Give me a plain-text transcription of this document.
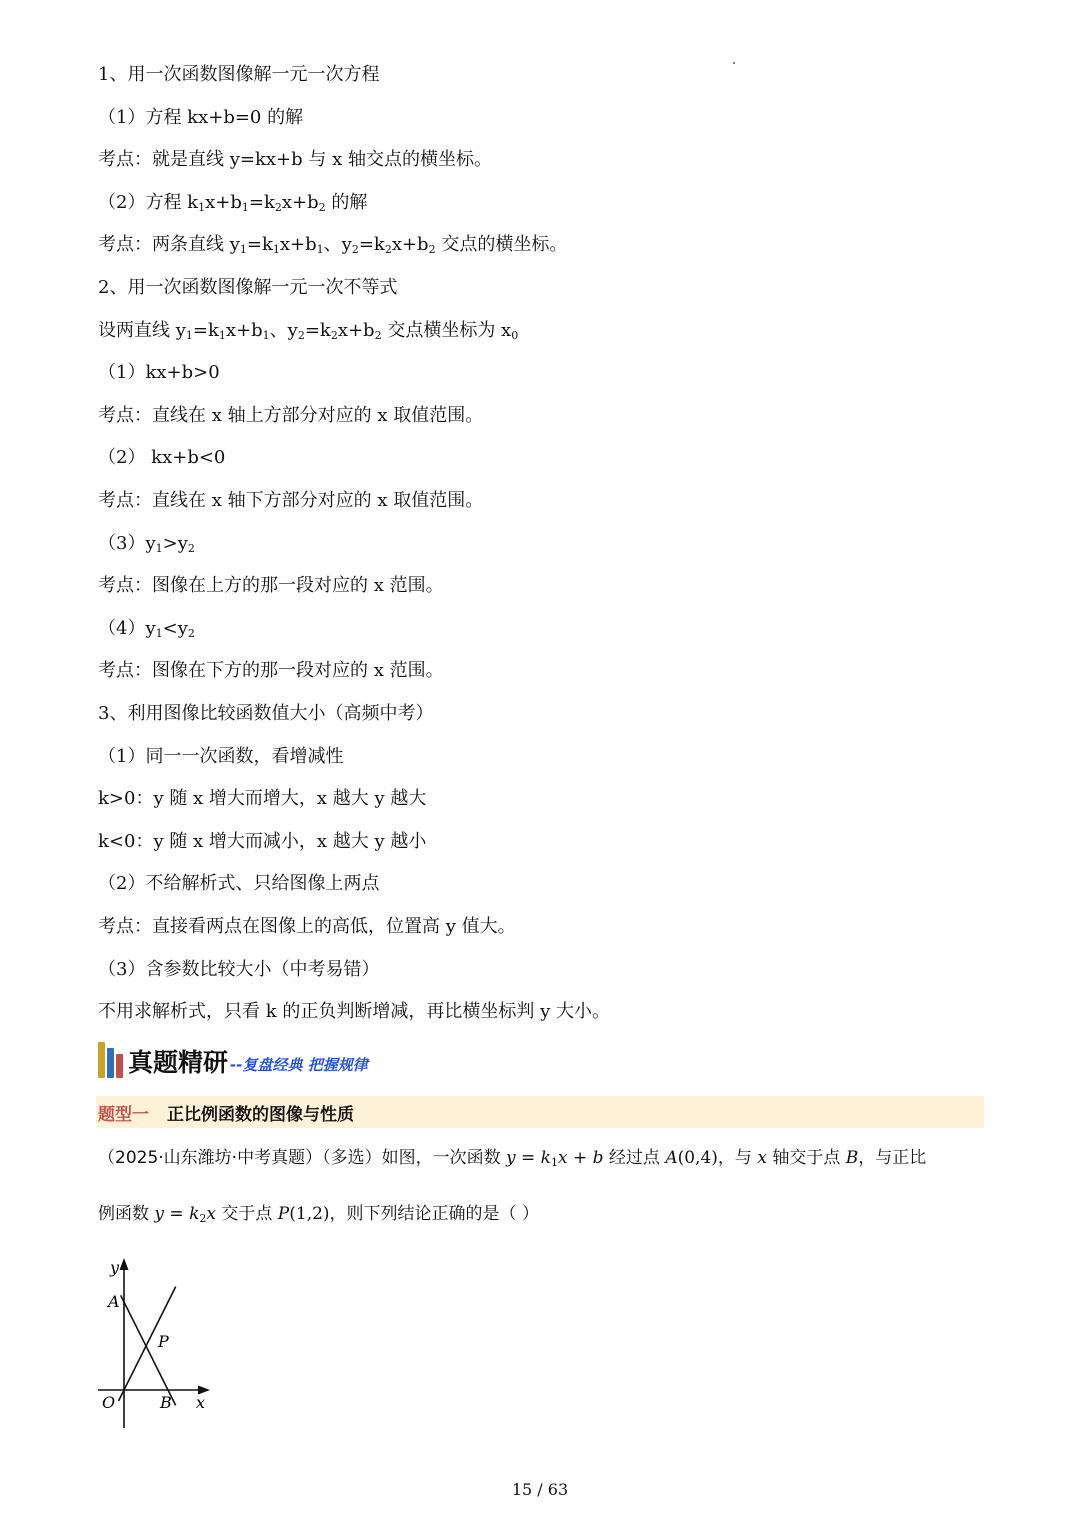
1、用一次函数图像解一元一次方程
（1）方程 kx+b=0 的解
考点：就是直线 y=kx+b 与 x 轴交点的横坐标。
（2）方程 $k_1x+b_1=k_2x+b_2$ 的解
考点：两条直线 $y_1=k_1x+b_1$、$y_2=k_2x+b_2$ 交点的横坐标。
2、用一次函数图像解一元一次不等式
设两直线 $y_1=k_1x+b_1$、$y_2=k_2x+b_2$ 交点横坐标为 $x_0$
（1）kx+b>0
考点：直线在 x 轴上方部分对应的 x 取值范围。
（2） kx+b<0
考点：直线在 x 轴下方部分对应的 x 取值范围。
$(3)y_1>y_2$
考点：图像在上方的那一段对应的 x 范围。
$(4)y_1<y_2$
考点：图像在下方的那一段对应的 x 范围。
3、利用图像比较函数值大小（高频中考）
（1）同一一次函数，看增减性
k>0：y 随 x 增大而增大，x 越大 y 越大
k<0：y 随 x 增大而减小，x 越大 y 越小
（2）不给解析式、只给图像上两点
考点：直接看两点在图像上的高低，位置高 y 值大。
（3）含参数比较大小（中考易错）
不用求解析式，只看 k 的正负判断增减，再比横坐标判 y 大小。
真题精研 --复盘经典 把握规律
题型一 正比例函数的图像与性质
（2025·山东潍坊·中考真题）（多选）如图，一次函数 $y = k_1x + b$ 经过点 A(0,4)，与 x 轴交于点 B，与正比
例函数 $y = k_2x$ 交于点 P(1,2)，则下列结论正确的是（ ）
y
A
P
O	B x
15 / 63
